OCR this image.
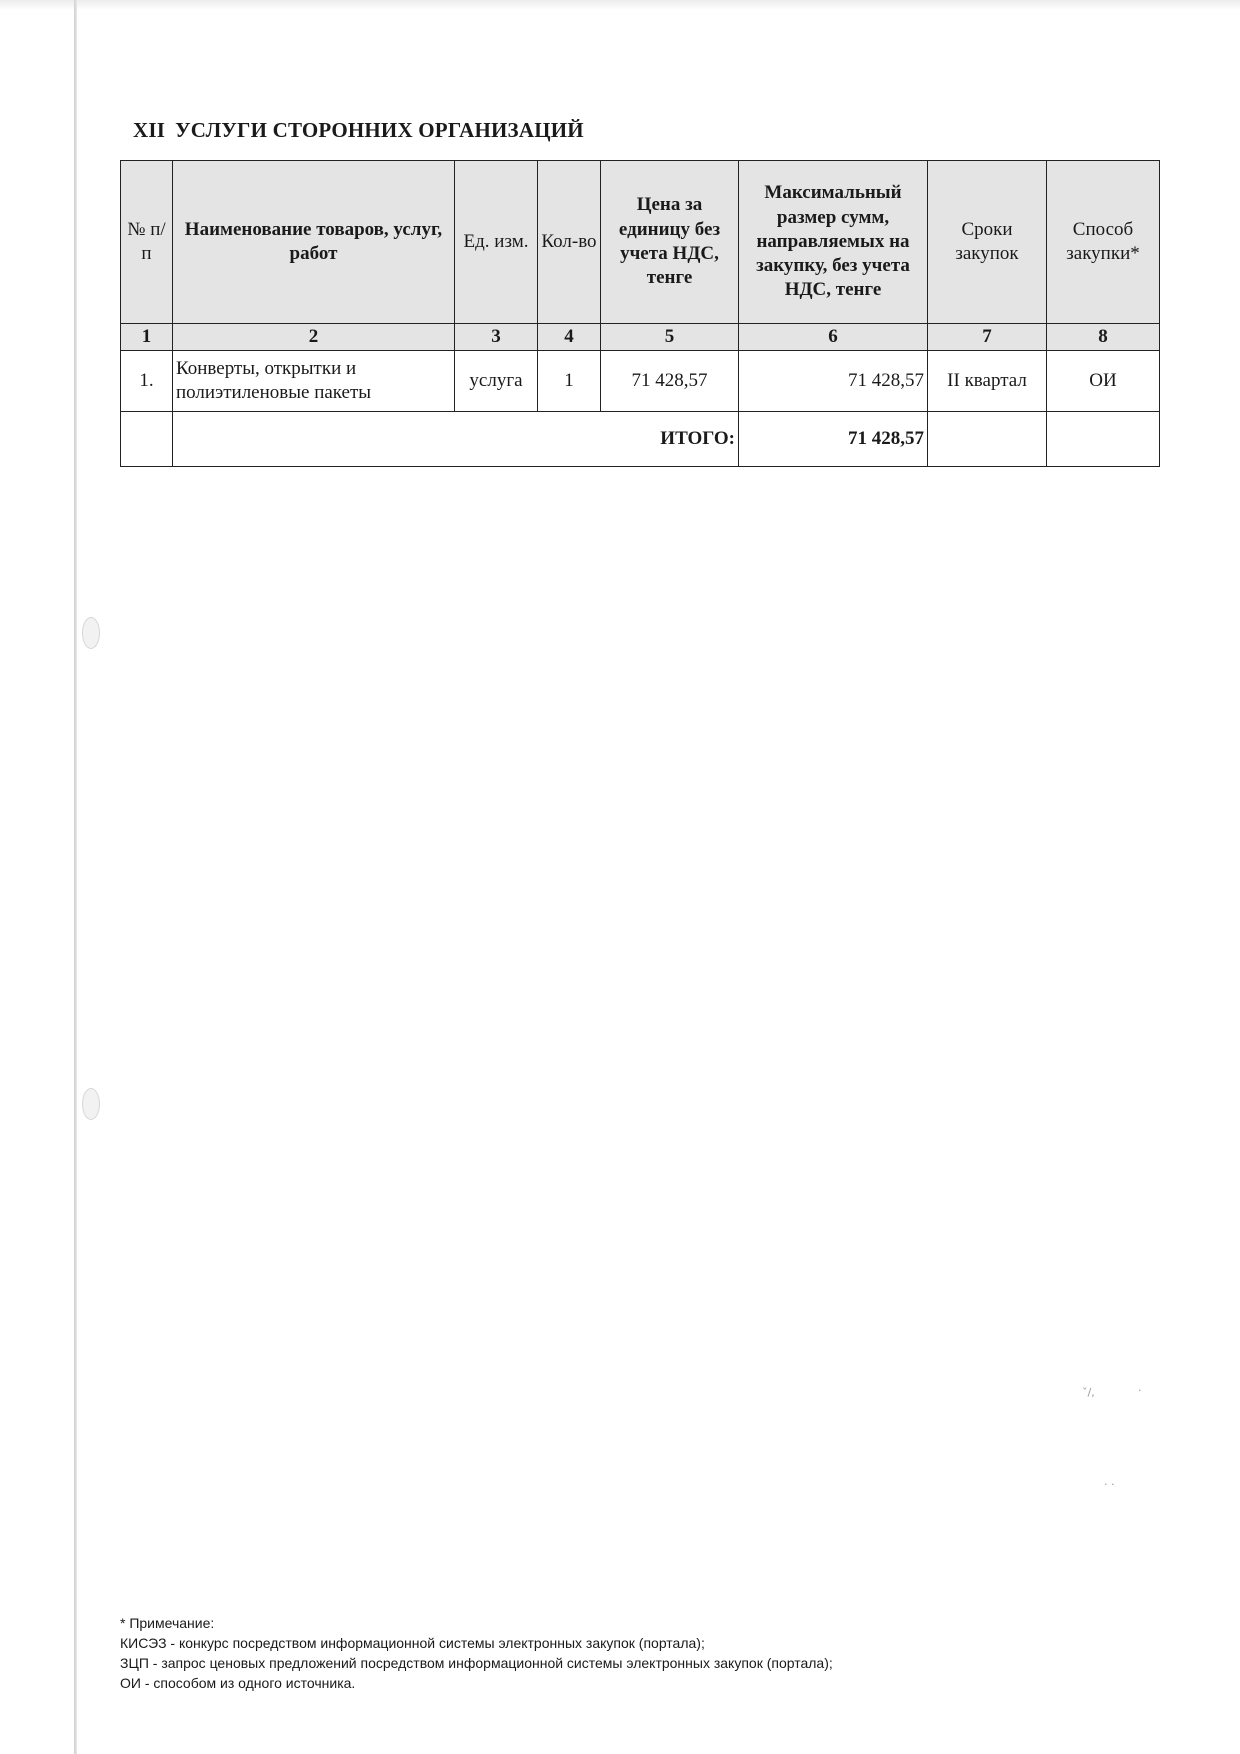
XII УСЛУГИ СТОРОННИХ ОРГАНИЗАЦИЙ
№ п/п	Наименование товаров, услуг, работ	Ед. изм.	Кол-во	Цена за единицу без учета НДС, тенге	Максимальный размер сумм, направляемых на закупку, без учета НДС, тенге	Сроки закупок	Способ закупки*
1	2	3	4	5	6	7	8
1.	Конверты, открытки и полиэтиленовые пакеты	услуга	1	71 428,57	71 428,57	II квартал	ОИ
	ИТОГО:				71 428,57		
ˇ/,	·
· ·
* Примечание:
КИСЭЗ - конкурс посредством информационной системы электронных закупок (портала);
ЗЦП - запрос ценовых предложений посредством информационной системы электронных закупок (портала);
ОИ - способом из одного источника.
